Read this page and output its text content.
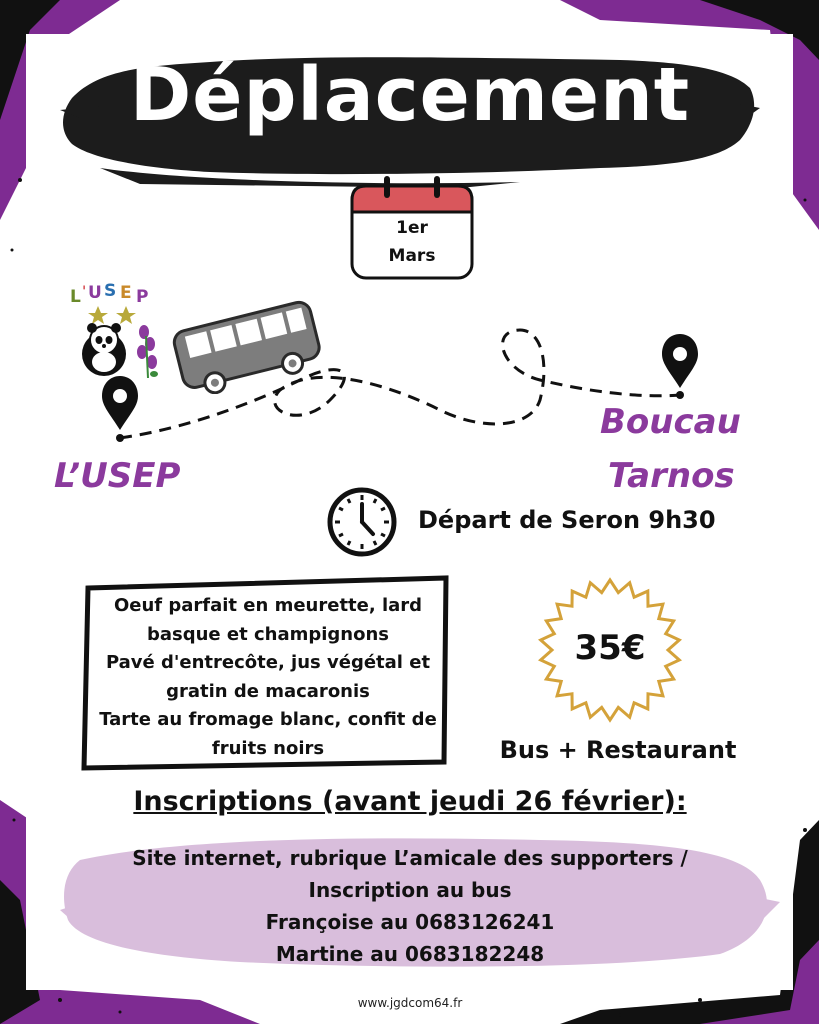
Déplacement
1er
Mars
L ' U S E P
L’USEP
Boucau
Tarnos
Départ de Seron 9h30
Oeuf parfait en meurette, lard
basque et champignons
Pavé d'entrecôte, jus végétal et
gratin de macaronis
Tarte au fromage blanc, confit de
fruits noirs
35€
Bus + Restaurant
Inscriptions (avant jeudi 26 février):
Site internet, rubrique L’amicale des supporters /
Inscription au bus
Françoise au 0683126241
Martine au 0683182248
www.jgdcom64.fr
